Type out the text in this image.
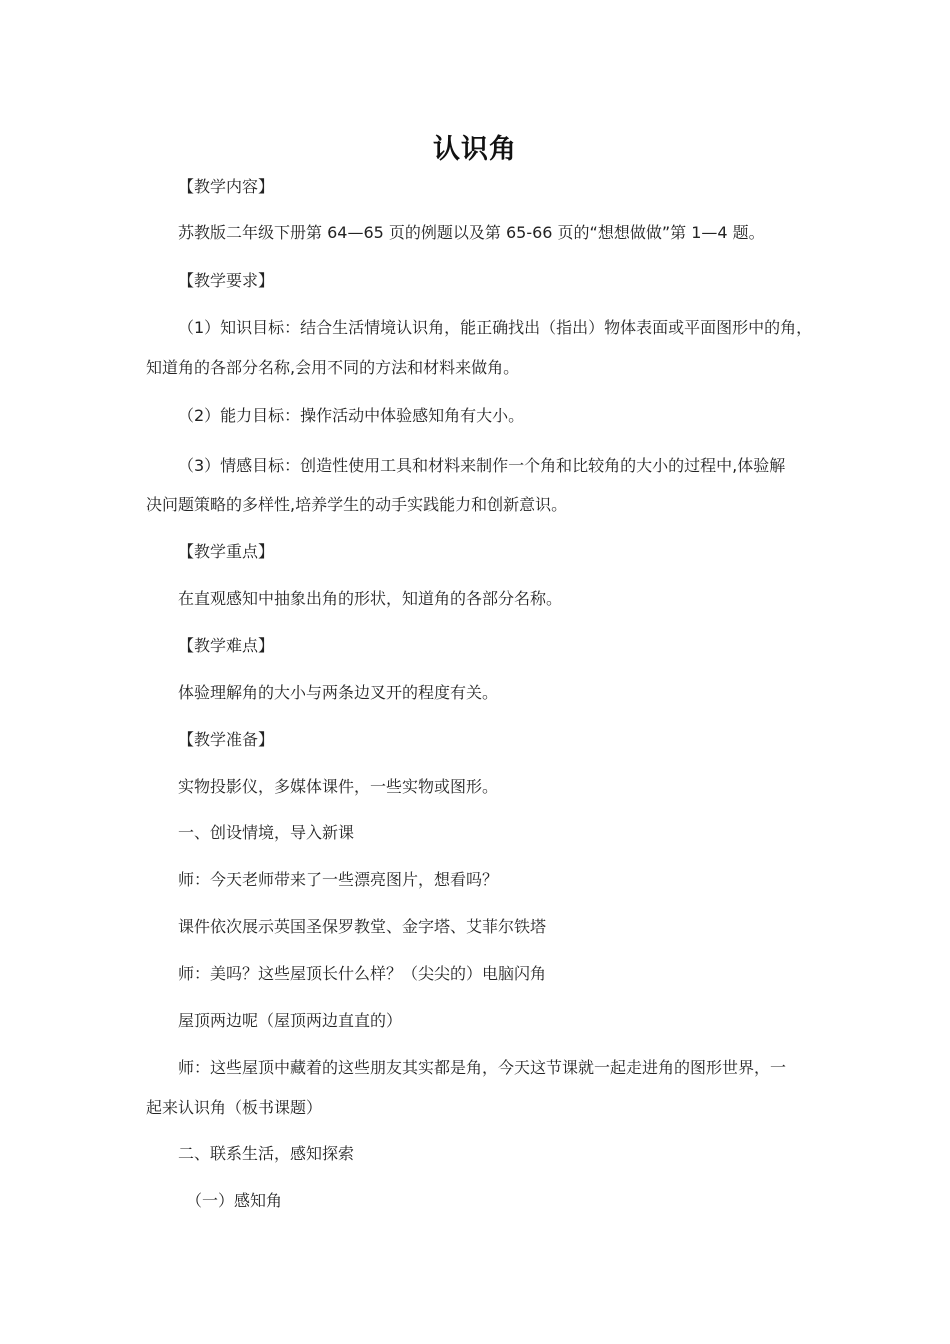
认识角
【教学内容】
苏教版二年级下册第 64—65 页的例题以及第 65-66 页的“想想做做”第 1—4 题。
【教学要求】
（1）知识目标：结合生活情境认识角，能正确找出（指出）物体表面或平面图形中的角，
知道角的各部分名称,会用不同的方法和材料来做角。
（2）能力目标：操作活动中体验感知角有大小。
（3）情感目标：创造性使用工具和材料来制作一个角和比较角的大小的过程中,体验解
决问题策略的多样性,培养学生的动手实践能力和创新意识。
【教学重点】
在直观感知中抽象出角的形状，知道角的各部分名称。
【教学难点】
体验理解角的大小与两条边叉开的程度有关。
【教学准备】
实物投影仪，多媒体课件，一些实物或图形。
一、创设情境，导入新课
师：今天老师带来了一些漂亮图片，想看吗？
课件依次展示英国圣保罗教堂、金字塔、艾菲尔铁塔
师：美吗？这些屋顶长什么样？（尖尖的）电脑闪角
屋顶两边呢（屋顶两边直直的）
师：这些屋顶中藏着的这些朋友其实都是角，今天这节课就一起走进角的图形世界，一
起来认识角（板书课题）
二、联系生活，感知探索
（一）感知角
